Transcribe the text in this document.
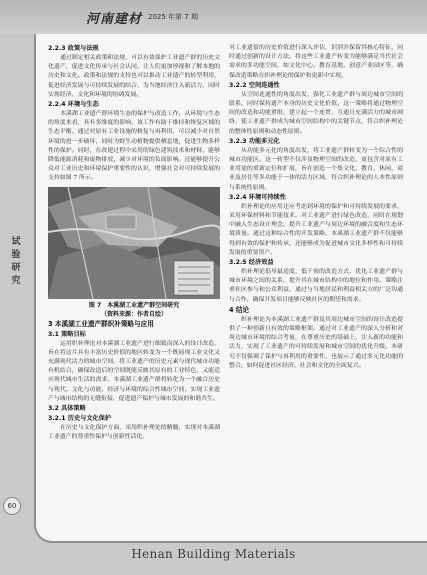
河南建材 2025 年第 7 期
试
验
研
究
2.2.3 政策与法规

通过制定相关政策和法规，可以有效保护工业遗产群的历史文化遗产，促进文化传承与社会认同，让人们更加珍视和了解本地的历史和文化。政策和法规的支持也可以推动工业遗产的转型利用，促进经济发展与可持续发展的结合，为当地经济注入新活力，同时实现经济、文化和环境的协调发展。

2.2.4 环境与生态

本溪湖工业遗产群环境生态的保护与改造工作，从环境与生态的角度来看，具有多维度的影响。该工作有助于维持和恢复区域的生态平衡。通过对原有工业设施的修复与再利用，可以减少对自然环境的进一步破坏，同时为野生动植物提供栖息地，促进生物多样性的保护。同时，在改建过程中采用的绿色建筑技术和材料，能够降低能源消耗和废物排放，减少对环境的负面影响。还能够提升公众对工业历史和环境保护重要性的认识，增强社会对可持续发展的支持如图 7 所示。

图 7　本溪湖工业遗产群空间研究
（资料来源：作者自绘）
3 本溪湖工业遗产群织补策略与应用
3.1 策略目标

运用织补理论对本溪湖工业遗产进行细致而深入的设计改造，旨在将这片具有丰富历史价值的地区转变为一个既展现工业文化又充满现代活力的城市空间。将工业遗产的历史元素与现代城市功能有机结合，确保改造后的空间既能反映其原有的工业特色，又能适应现代城市生活的需求。本溪湖工业遗产群将转化为一个融合历史与现代、文化与功能、经济与环境的综合性城市空间，实现工业遗产与城市结构的无缝衔接，促进遗产保护与城市发展的和谐共生。

3.2 具体策略
3.2.1 历史与文化保护

在历史与文化保护方面，采用织补理论的精髓，实现对本溪湖工业遗产的尊重性保护与创新性活化。

对工业遗留的历史价值进行深入评估，识别并保留其核心特征，同时通过创新的设计方法，将这些工业遗产转变为能够满足当代社会需求的多功能空间，如文化中心、教育基地、创意产业园区等，确保改造策略在织补理论的保护和更新中实现。

3.2.2 空间连通性

从空间连通性的角度出发，强化工业遗产群与周边城市空间的联系，同时保持遗产本身的历史文化价值。这一策略将通过物理空间的改造和功能重组，建立起一个连贯、互通且充满活力的城市网络，使工业遗产群成为城市空间结构中的关键节点，符合织补理论的整体性原则和动态性原则。

3.2.3 功能多元化

从功能多元化的角度出发，将工业遗产群转变为一个综合性的城市功能区。这一转型不仅涉及物理空间的改造，更包含对原有工业用途的重新定位和扩展，旨在创造一个集文化、教育、休闲、商业及居住等多功能于一体的活力区域，符合织补理论的人本性原则与系统性原则。

3.2.4 环境可持续性

织补理论的应用还应考虑到环境的保护和可持续发展的要求，采用环保材料和节能技术，对工业遗产进行绿色改造，同时在规划中融入生态设计理念，提升工业遗产与周边环境的融合度和生态环境质量。通过这种综合性的开发策略，本溪湖工业遗产群不仅能够得到有效的保护和传承，还能够成为促进城市文化多样性和可持续发展的重要资产。

3.2.5 经济效益

织补理论倡导最适度、低干预的改造方式，优化工业遗产群与城市环境之间的关系，提升其在城市结构中的地位和作用。策略注重社区参与和公众利益，通过与当地居民和利益相关方的广泛沟通与合作，确保开发项目能够反映社区的期望和需求。

4 结论

织补理论为本溪湖工业遗产群及其周边城市空间的设计改造提供了一种创新且有效的策略框架。通过对工业遗产的深入分析和对周边城市环境的综合考量，在尊重历史的基础上，注入新的功能和活力，实现了工业遗产的可持续发展和城市空间的优化升级。本研究不仅强调了保护与再利用的重要性，也展示了通过多元化功能的整合，如何促进社区经济、社会和文化的全面复兴。

60
Henan Building Materials
